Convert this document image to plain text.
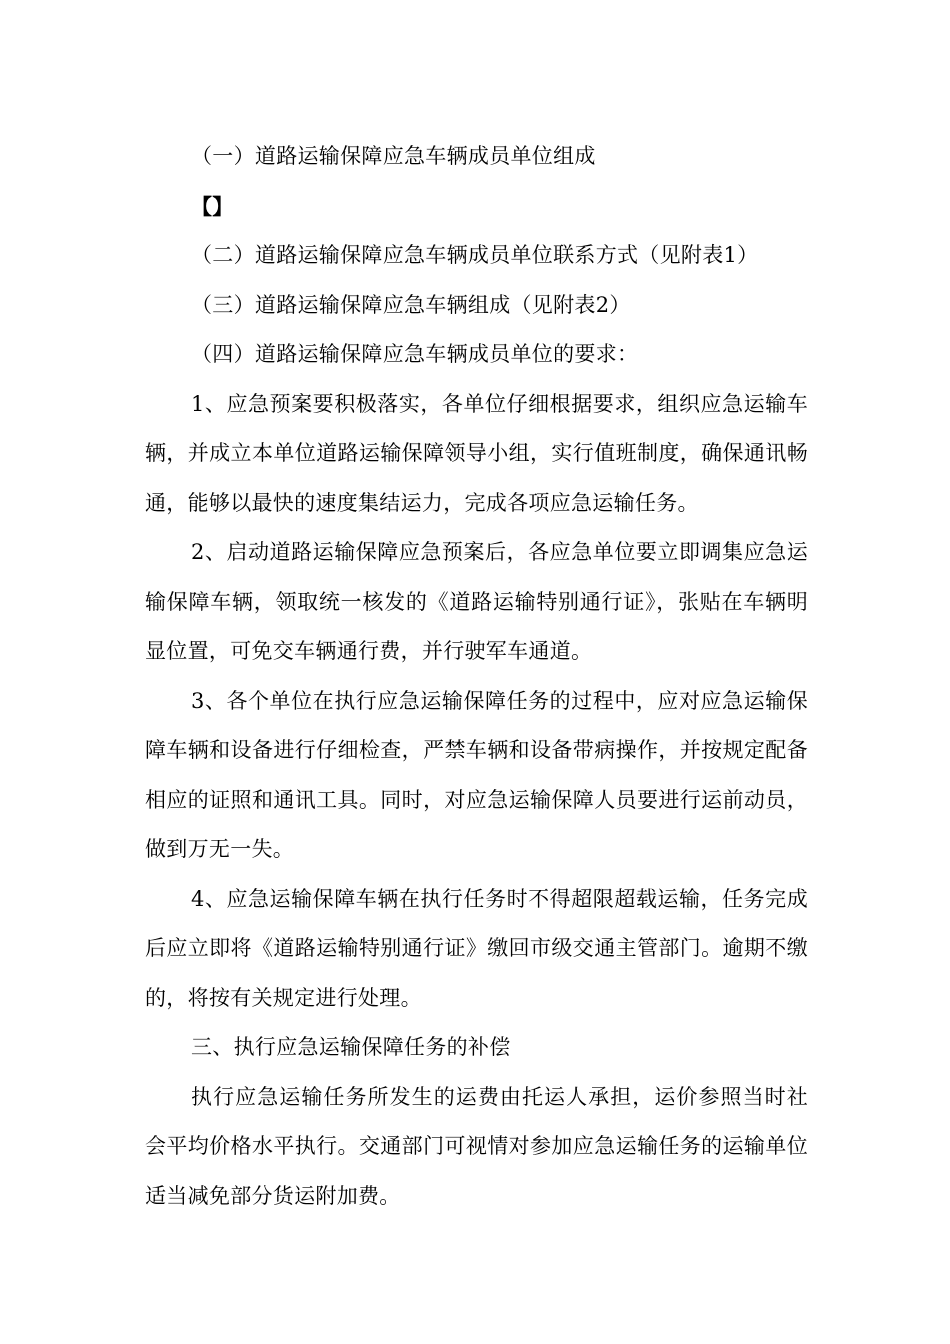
（一）道路运输保障应急车辆成员单位组成

【】

（二）道路运输保障应急车辆成员单位联系方式（见附表1）

（三）道路运输保障应急车辆组成（见附表2）

（四）道路运输保障应急车辆成员单位的要求：

1、应急预案要积极落实，各单位仔细根据要求，组织应急运输车辆，并成立本单位道路运输保障领导小组，实行值班制度，确保通讯畅通，能够以最快的速度集结运力，完成各项应急运输任务。

2、启动道路运输保障应急预案后，各应急单位要立即调集应急运输保障车辆，领取统一核发的《道路运输特别通行证》，张贴在车辆明显位置，可免交车辆通行费，并行驶军车通道。

3、各个单位在执行应急运输保障任务的过程中，应对应急运输保障车辆和设备进行仔细检查，严禁车辆和设备带病操作，并按规定配备相应的证照和通讯工具。同时，对应急运输保障人员要进行运前动员，做到万无一失。

4、应急运输保障车辆在执行任务时不得超限超载运输，任务完成后应立即将《道路运输特别通行证》缴回市级交通主管部门。逾期不缴的，将按有关规定进行处理。

三、执行应急运输保障任务的补偿

执行应急运输任务所发生的运费由托运人承担，运价参照当时社会平均价格水平执行。交通部门可视情对参加应急运输任务的运输单位适当减免部分货运附加费。
